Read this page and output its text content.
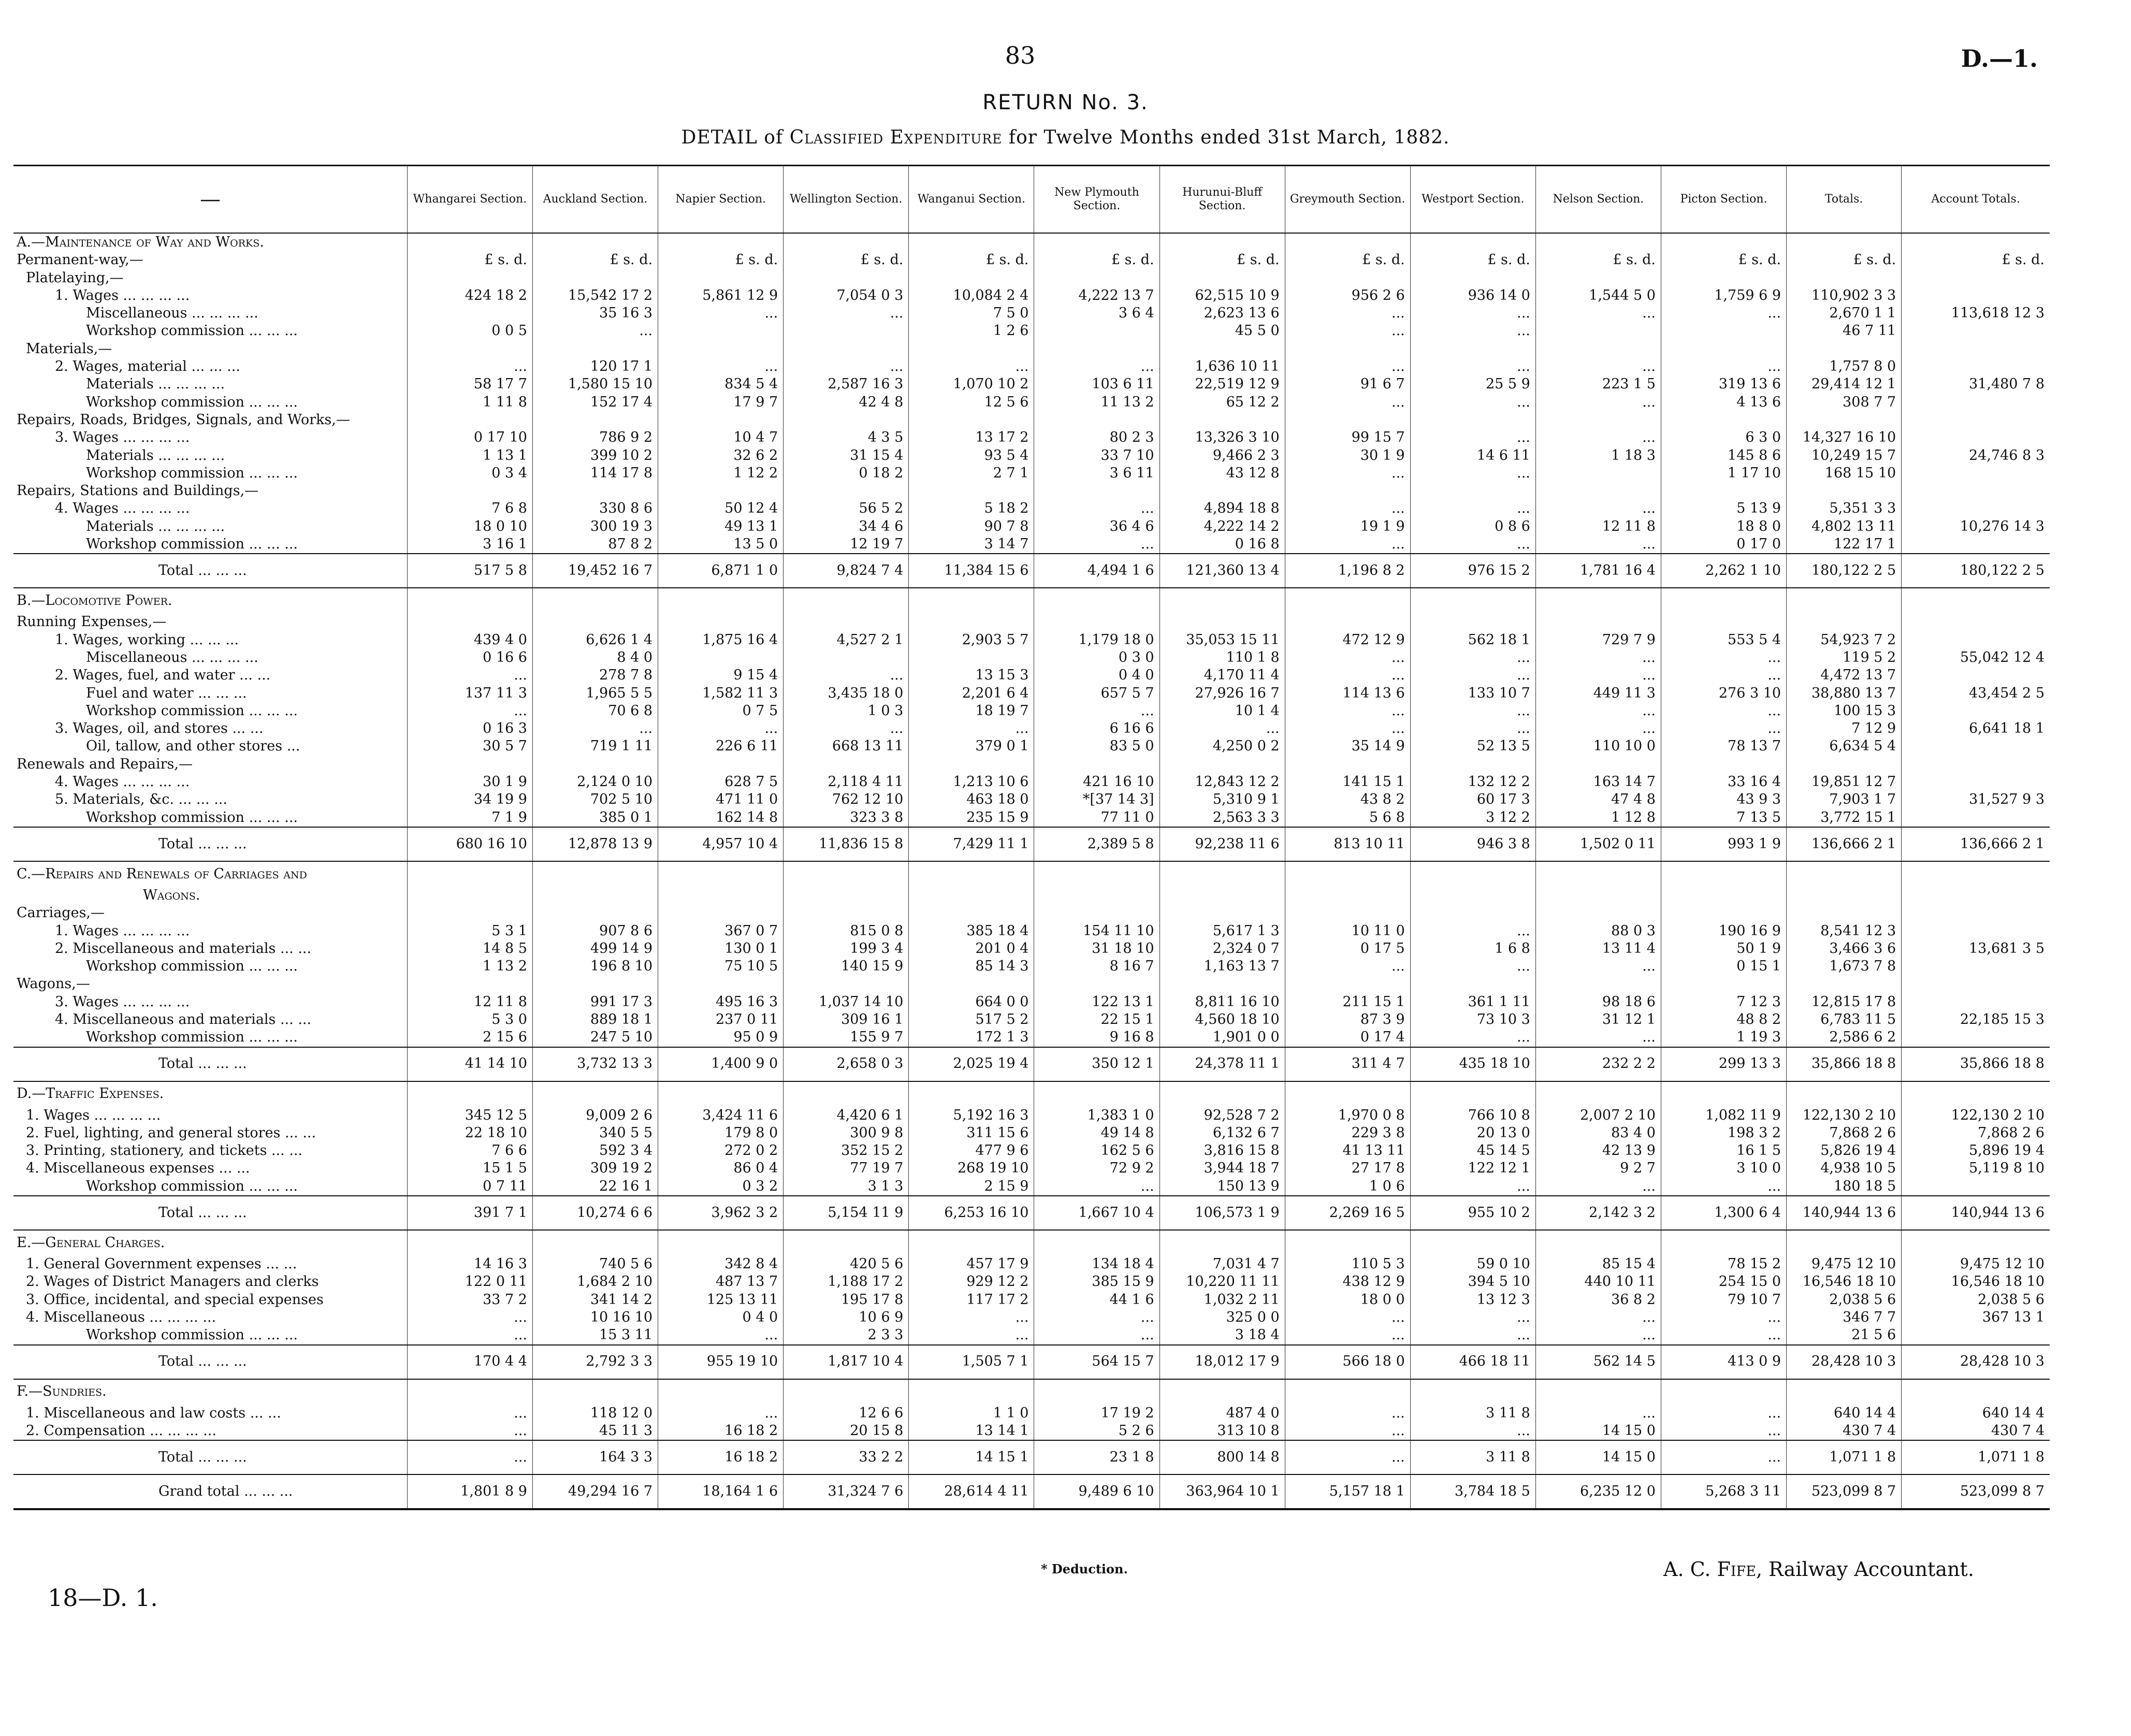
83	D.—1.
RETURN No. 3.
DETAIL of Classified Expenditure for Twelve Months ended 31st March, 1882.
—	Whangarei Section.	Auckland Section.	Napier Section.	Wellington Section.	Wanganui Section.	New Plymouth Section.	Hurunui-Bluff Section.	Greymouth Section.	Westport Section.	Nelson Section.	Picton Section.	Totals.	Account Totals.
A.—Maintenance of Way and Works.													
Permanent-way,—	£ s. d.	£ s. d.	£ s. d.	£ s. d.	£ s. d.	£ s. d.	£ s. d.	£ s. d.	£ s. d.	£ s. d.	£ s. d.	£ s. d.	£ s. d.
Platelaying,—													
1. Wages ... ... ... ...	424 18 2	15,542 17 2	5,861 12 9	7,054 0 3	10,084 2 4	4,222 13 7	62,515 10 9	956 2 6	936 14 0	1,544 5 0	1,759 6 9	110,902 3 3	
Miscellaneous ... ... ... ...		35 16 3	...	...	7 5 0	3 6 4	2,623 13 6	...	...	...	...	2,670 1 1	113,618 12 3
Workshop commission ... ... ...	0 0 5	...			1 2 6		45 5 0	...	...			46 7 11	
Materials,—													
2. Wages, material ... ... ...	...	120 17 1	...	...	...	...	1,636 10 11	...	...	...	...	1,757 8 0	
Materials ... ... ... ...	58 17 7	1,580 15 10	834 5 4	2,587 16 3	1,070 10 2	103 6 11	22,519 12 9	91 6 7	25 5 9	223 1 5	319 13 6	29,414 12 1	31,480 7 8
Workshop commission ... ... ...	1 11 8	152 17 4	17 9 7	42 4 8	12 5 6	11 13 2	65 12 2	...	...	...	4 13 6	308 7 7	
Repairs, Roads, Bridges, Signals, and Works,—													
3. Wages ... ... ... ...	0 17 10	786 9 2	10 4 7	4 3 5	13 17 2	80 2 3	13,326 3 10	99 15 7	...	...	6 3 0	14,327 16 10	
Materials ... ... ... ...	1 13 1	399 10 2	32 6 2	31 15 4	93 5 4	33 7 10	9,466 2 3	30 1 9	14 6 11	1 18 3	145 8 6	10,249 15 7	24,746 8 3
Workshop commission ... ... ...	0 3 4	114 17 8	1 12 2	0 18 2	2 7 1	3 6 11	43 12 8	...	...		1 17 10	168 15 10	
Repairs, Stations and Buildings,—													
4. Wages ... ... ... ...	7 6 8	330 8 6	50 12 4	56 5 2	5 18 2	...	4,894 18 8	...	...	...	5 13 9	5,351 3 3	
Materials ... ... ... ...	18 0 10	300 19 3	49 13 1	34 4 6	90 7 8	36 4 6	4,222 14 2	19 1 9	0 8 6	12 11 8	18 8 0	4,802 13 11	10,276 14 3
Workshop commission ... ... ...	3 16 1	87 8 2	13 5 0	12 19 7	3 14 7	...	0 16 8	...	...	...	0 17 0	122 17 1	
Total ... ... ...	517 5 8	19,452 16 7	6,871 1 0	9,824 7 4	11,384 15 6	4,494 1 6	121,360 13 4	1,196 8 2	976 15 2	1,781 16 4	2,262 1 10	180,122 2 5	180,122 2 5
B.—Locomotive Power.													
Running Expenses,—													
1. Wages, working ... ... ...	439 4 0	6,626 1 4	1,875 16 4	4,527 2 1	2,903 5 7	1,179 18 0	35,053 15 11	472 12 9	562 18 1	729 7 9	553 5 4	54,923 7 2	
Miscellaneous ... ... ... ...	0 16 6	8 4 0				0 3 0	110 1 8	...	...	...	...	119 5 2	55,042 12 4
2. Wages, fuel, and water ... ...	...	278 7 8	9 15 4	...	13 15 3	0 4 0	4,170 11 4	...	...	...	...	4,472 13 7	
Fuel and water ... ... ...	137 11 3	1,965 5 5	1,582 11 3	3,435 18 0	2,201 6 4	657 5 7	27,926 16 7	114 13 6	133 10 7	449 11 3	276 3 10	38,880 13 7	43,454 2 5
Workshop commission ... ... ...	...	70 6 8	0 7 5	1 0 3	18 19 7	...	10 1 4	...	...	...	...	100 15 3	
3. Wages, oil, and stores ... ...	0 16 3	...	...	...	...	6 16 6	...	...	...	...	...	7 12 9	6,641 18 1
Oil, tallow, and other stores ...	30 5 7	719 1 11	226 6 11	668 13 11	379 0 1	83 5 0	4,250 0 2	35 14 9	52 13 5	110 10 0	78 13 7	6,634 5 4	
Renewals and Repairs,—													
4. Wages ... ... ... ...	30 1 9	2,124 0 10	628 7 5	2,118 4 11	1,213 10 6	421 16 10	12,843 12 2	141 15 1	132 12 2	163 14 7	33 16 4	19,851 12 7	
5. Materials, &c. ... ... ...	34 19 9	702 5 10	471 11 0	762 12 10	463 18 0	*[37 14 3]	5,310 9 1	43 8 2	60 17 3	47 4 8	43 9 3	7,903 1 7	31,527 9 3
Workshop commission ... ... ...	7 1 9	385 0 1	162 14 8	323 3 8	235 15 9	77 11 0	2,563 3 3	5 6 8	3 12 2	1 12 8	7 13 5	3,772 15 1	
Total ... ... ...	680 16 10	12,878 13 9	4,957 10 4	11,836 15 8	7,429 11 1	2,389 5 8	92,238 11 6	813 10 11	946 3 8	1,502 0 11	993 1 9	136,666 2 1	136,666 2 1
C.—Repairs and Renewals of Carriages and													
Wagons.													
Carriages,—													
1. Wages ... ... ... ...	5 3 1	907 8 6	367 0 7	815 0 8	385 18 4	154 11 10	5,617 1 3	10 11 0	...	88 0 3	190 16 9	8,541 12 3	
2. Miscellaneous and materials ... ...	14 8 5	499 14 9	130 0 1	199 3 4	201 0 4	31 18 10	2,324 0 7	0 17 5	1 6 8	13 11 4	50 1 9	3,466 3 6	13,681 3 5
Workshop commission ... ... ...	1 13 2	196 8 10	75 10 5	140 15 9	85 14 3	8 16 7	1,163 13 7	...	...	...	0 15 1	1,673 7 8	
Wagons,—													
3. Wages ... ... ... ...	12 11 8	991 17 3	495 16 3	1,037 14 10	664 0 0	122 13 1	8,811 16 10	211 15 1	361 1 11	98 18 6	7 12 3	12,815 17 8	
4. Miscellaneous and materials ... ...	5 3 0	889 18 1	237 0 11	309 16 1	517 5 2	22 15 1	4,560 18 10	87 3 9	73 10 3	31 12 1	48 8 2	6,783 11 5	22,185 15 3
Workshop commission ... ... ...	2 15 6	247 5 10	95 0 9	155 9 7	172 1 3	9 16 8	1,901 0 0	0 17 4	...	...	1 19 3	2,586 6 2	
Total ... ... ...	41 14 10	3,732 13 3	1,400 9 0	2,658 0 3	2,025 19 4	350 12 1	24,378 11 1	311 4 7	435 18 10	232 2 2	299 13 3	35,866 18 8	35,866 18 8
D.—Traffic Expenses.													
1. Wages ... ... ... ...	345 12 5	9,009 2 6	3,424 11 6	4,420 6 1	5,192 16 3	1,383 1 0	92,528 7 2	1,970 0 8	766 10 8	2,007 2 10	1,082 11 9	122,130 2 10	122,130 2 10
2. Fuel, lighting, and general stores ... ...	22 18 10	340 5 5	179 8 0	300 9 8	311 15 6	49 14 8	6,132 6 7	229 3 8	20 13 0	83 4 0	198 3 2	7,868 2 6	7,868 2 6
3. Printing, stationery, and tickets ... ...	7 6 6	592 3 4	272 0 2	352 15 2	477 9 6	162 5 6	3,816 15 8	41 13 11	45 14 5	42 13 9	16 1 5	5,826 19 4	5,896 19 4
4. Miscellaneous expenses ... ...	15 1 5	309 19 2	86 0 4	77 19 7	268 19 10	72 9 2	3,944 18 7	27 17 8	122 12 1	9 2 7	3 10 0	4,938 10 5	5,119 8 10
Workshop commission ... ... ...	0 7 11	22 16 1	0 3 2	3 1 3	2 15 9	...	150 13 9	1 0 6	...	...	...	180 18 5	
Total ... ... ...	391 7 1	10,274 6 6	3,962 3 2	5,154 11 9	6,253 16 10	1,667 10 4	106,573 1 9	2,269 16 5	955 10 2	2,142 3 2	1,300 6 4	140,944 13 6	140,944 13 6
E.—General Charges.													
1. General Government expenses ... ...	14 16 3	740 5 6	342 8 4	420 5 6	457 17 9	134 18 4	7,031 4 7	110 5 3	59 0 10	85 15 4	78 15 2	9,475 12 10	9,475 12 10
2. Wages of District Managers and clerks	122 0 11	1,684 2 10	487 13 7	1,188 17 2	929 12 2	385 15 9	10,220 11 11	438 12 9	394 5 10	440 10 11	254 15 0	16,546 18 10	16,546 18 10
3. Office, incidental, and special expenses	33 7 2	341 14 2	125 13 11	195 17 8	117 17 2	44 1 6	1,032 2 11	18 0 0	13 12 3	36 8 2	79 10 7	2,038 5 6	2,038 5 6
4. Miscellaneous ... ... ... ...	...	10 16 10	0 4 0	10 6 9	...	...	325 0 0	...	...	...	...	346 7 7	367 13 1
Workshop commission ... ... ...	...	15 3 11	...	2 3 3	...	...	3 18 4	...	...	...	...	21 5 6	
Total ... ... ...	170 4 4	2,792 3 3	955 19 10	1,817 10 4	1,505 7 1	564 15 7	18,012 17 9	566 18 0	466 18 11	562 14 5	413 0 9	28,428 10 3	28,428 10 3
F.—Sundries.													
1. Miscellaneous and law costs ... ...	...	118 12 0	...	12 6 6	1 1 0	17 19 2	487 4 0	...	3 11 8	...	...	640 14 4	640 14 4
2. Compensation ... ... ... ...	...	45 11 3	16 18 2	20 15 8	13 14 1	5 2 6	313 10 8	...	...	14 15 0	...	430 7 4	430 7 4
Total ... ... ...	...	164 3 3	16 18 2	33 2 2	14 15 1	23 1 8	800 14 8	...	3 11 8	14 15 0	...	1,071 1 8	1,071 1 8
Grand total ... ... ...	1,801 8 9	49,294 16 7	18,164 1 6	31,324 7 6	28,614 4 11	9,489 6 10	363,964 10 1	5,157 18 1	3,784 18 5	6,235 12 0	5,268 3 11	523,099 8 7	523,099 8 7
* Deduction.	A. C. Fife, Railway Accountant.
18—D. 1.
